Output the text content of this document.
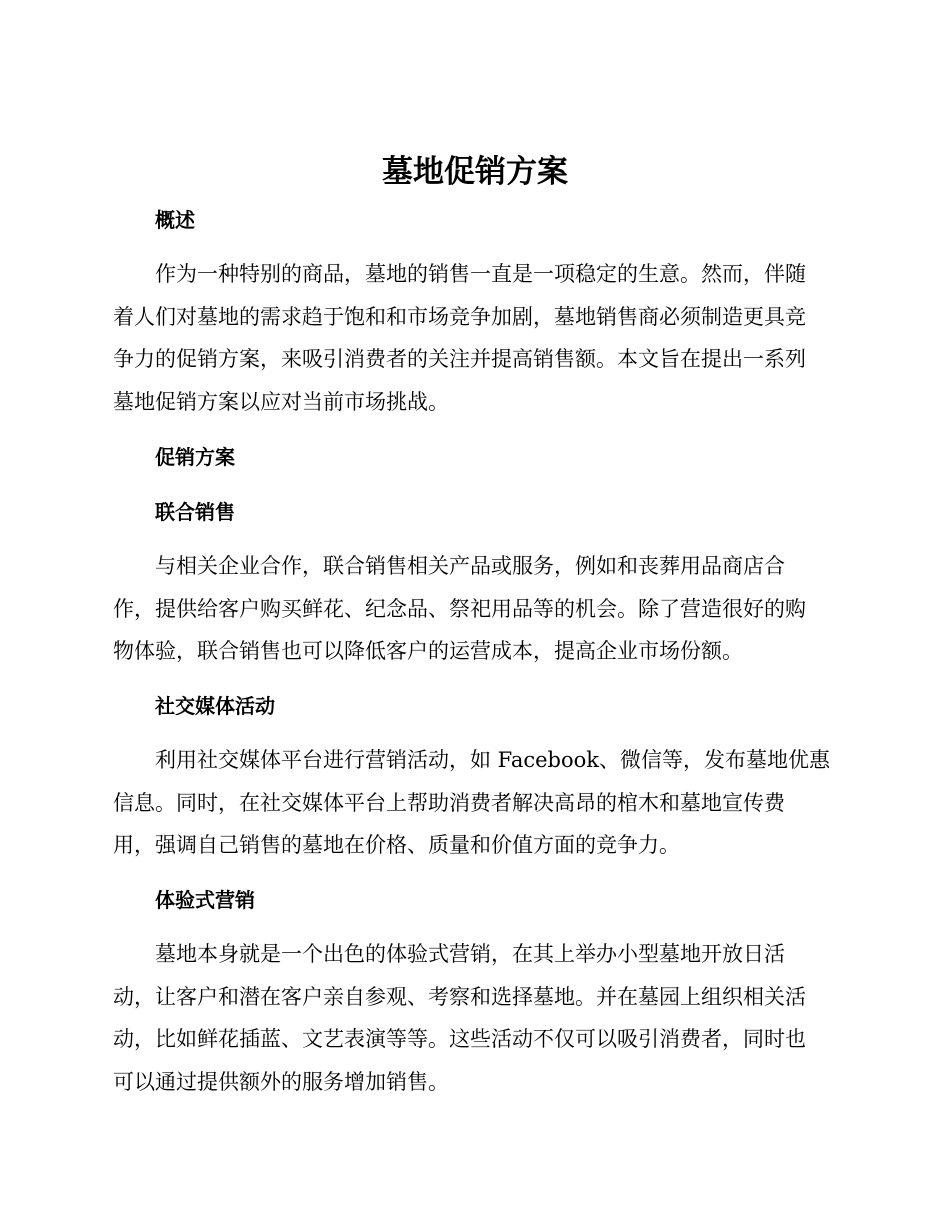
墓地促销方案
概述

作为一种特别的商品，墓地的销售一直是一项稳定的生意。然而，伴随
着人们对墓地的需求趋于饱和和市场竞争加剧，墓地销售商必须制造更具竞
争力的促销方案，来吸引消费者的关注并提高销售额。本文旨在提出一系列
墓地促销方案以应对当前市场挑战。

促销方案
联合销售

与相关企业合作，联合销售相关产品或服务，例如和丧葬用品商店合
作，提供给客户购买鲜花、纪念品、祭祀用品等的机会。除了营造很好的购
物体验，联合销售也可以降低客户的运营成本，提高企业市场份额。

社交媒体活动

利用社交媒体平台进行营销活动，如 Facebook、微信等，发布墓地优惠
信息。同时，在社交媒体平台上帮助消费者解决高昂的棺木和墓地宣传费
用，强调自己销售的墓地在价格、质量和价值方面的竞争力。

体验式营销

墓地本身就是一个出色的体验式营销，在其上举办小型墓地开放日活
动，让客户和潜在客户亲自参观、考察和选择墓地。并在墓园上组织相关活
动，比如鲜花插蓝、文艺表演等等。这些活动不仅可以吸引消费者，同时也
可以通过提供额外的服务增加销售。
